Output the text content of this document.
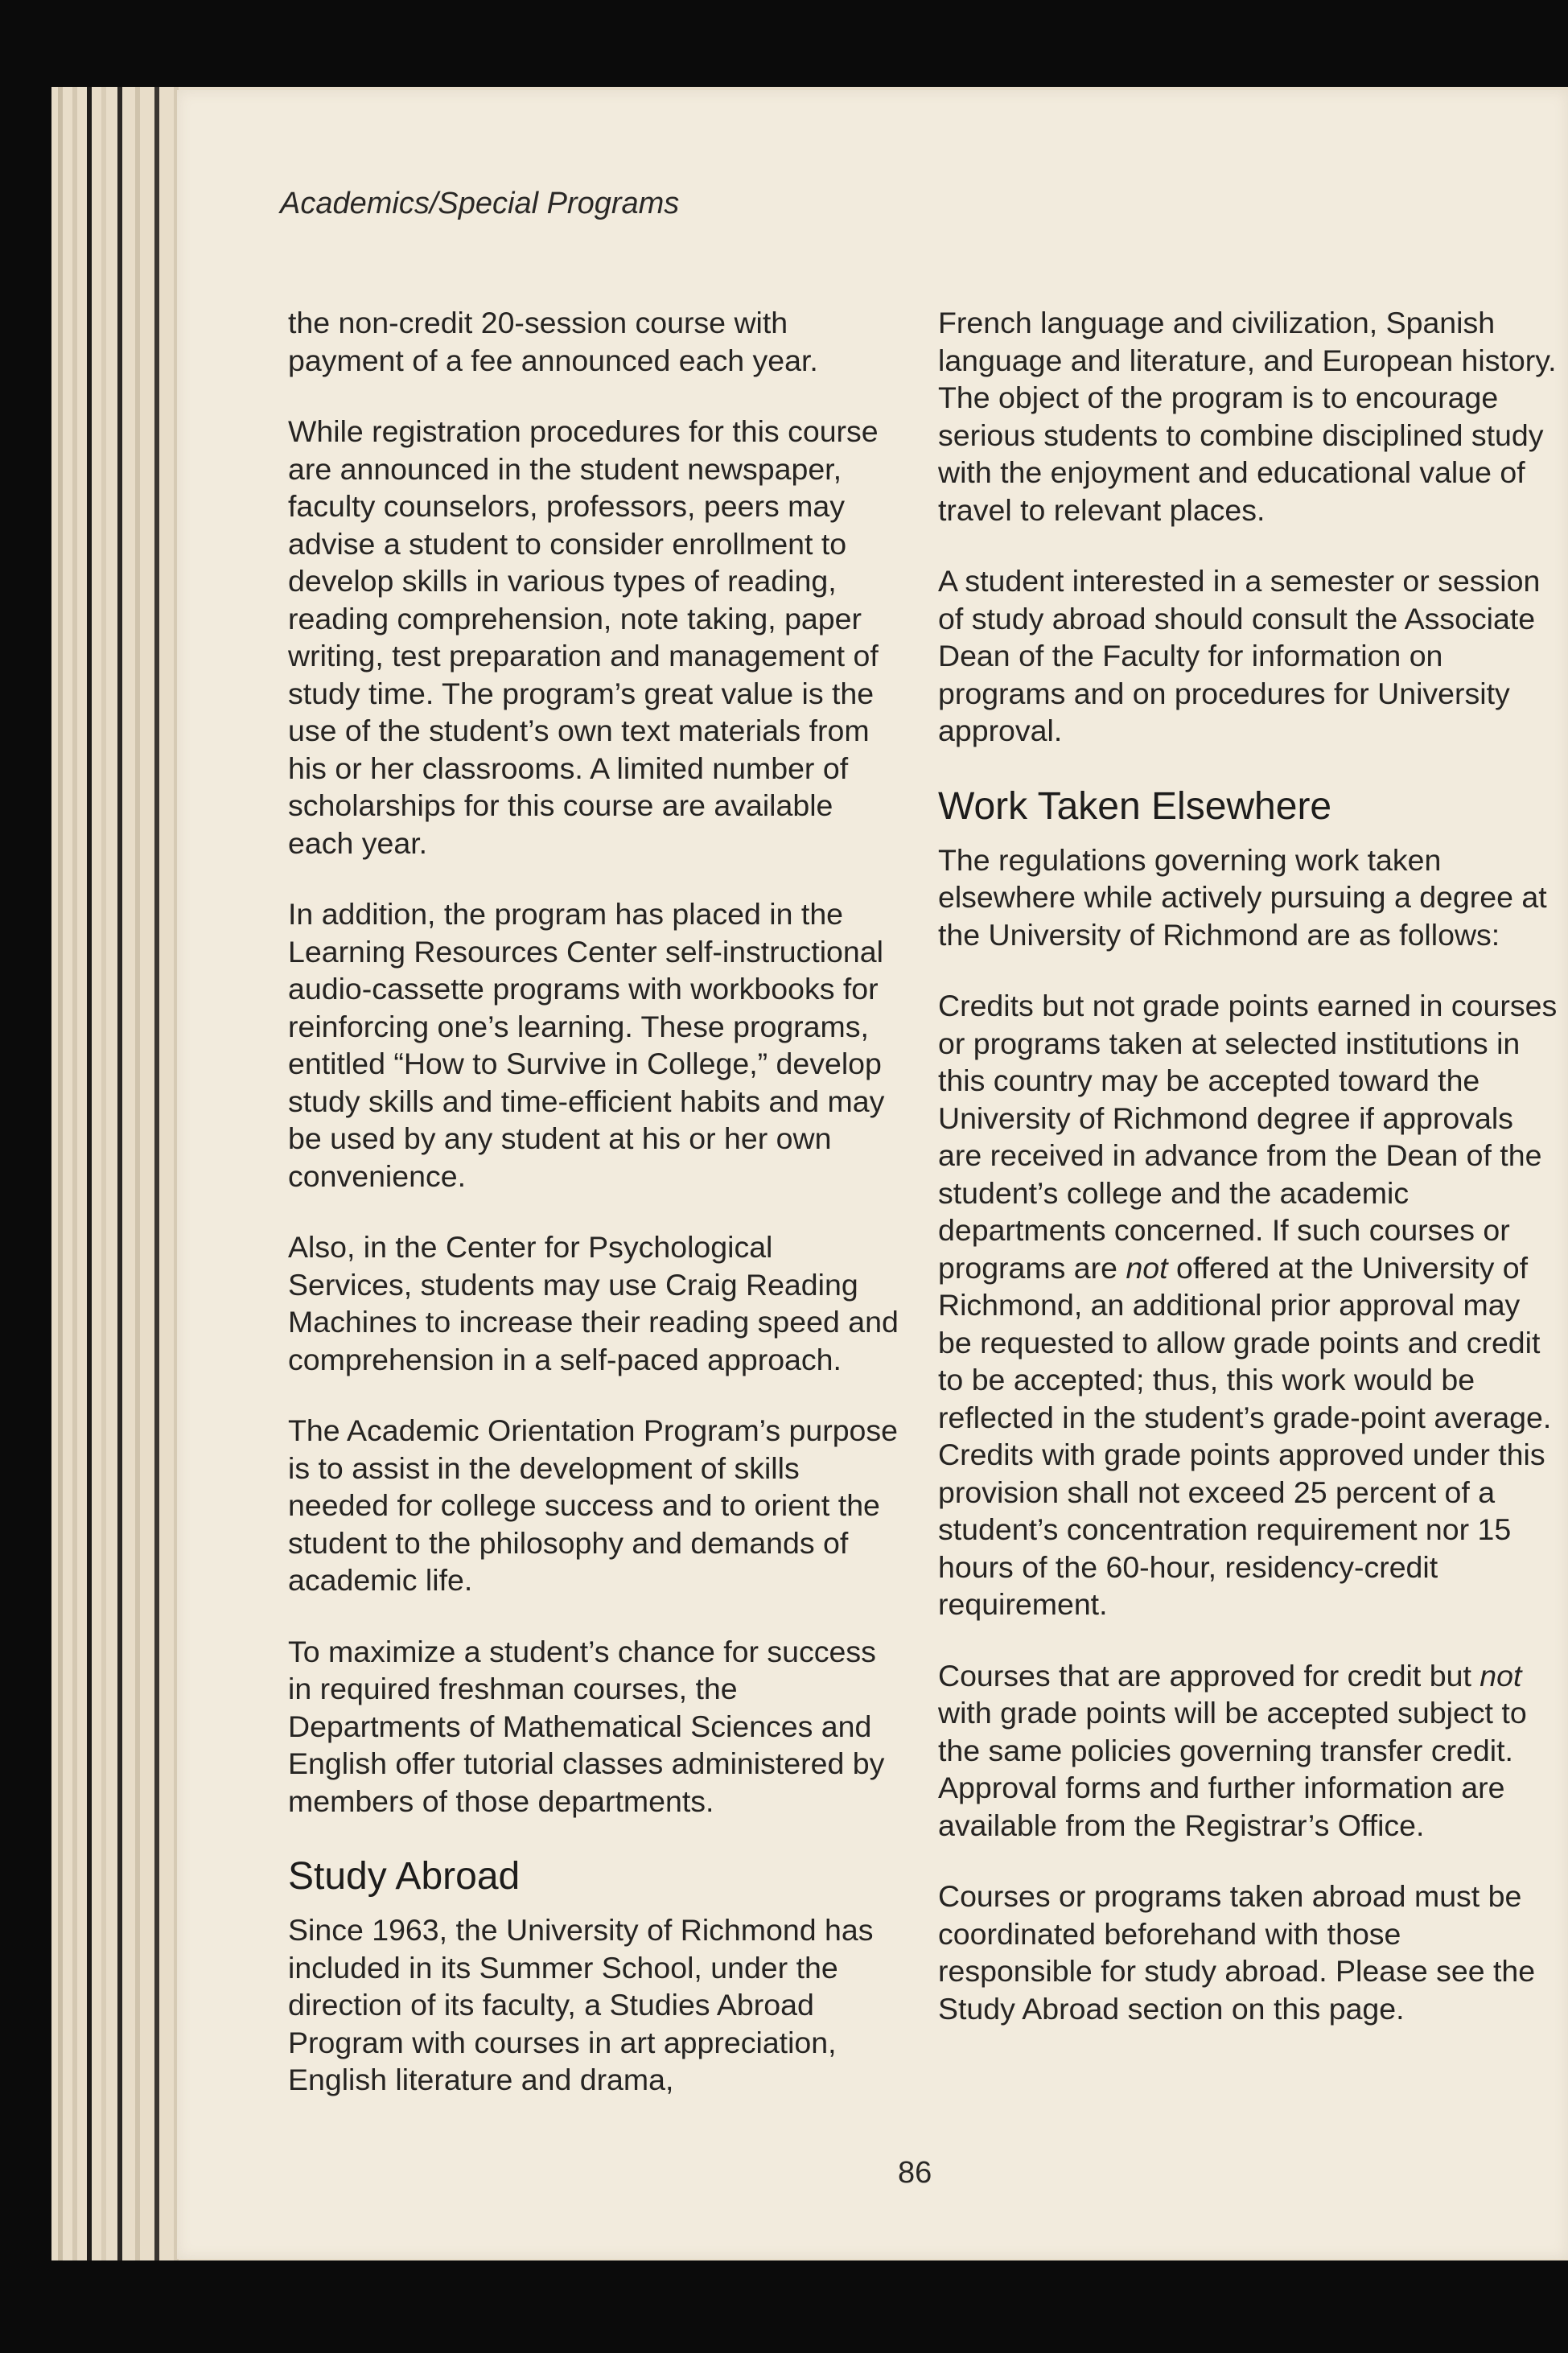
Academics/Special Programs

the non-credit 20-session course with payment of a fee announced each year.

While registration procedures for this course are announced in the student newspaper, faculty counselors, professors, peers may advise a student to consider enrollment to develop skills in various types of reading, reading comprehension, note taking, paper writing, test preparation and management of study time. The program’s great value is the use of the student’s own text materials from his or her classrooms. A limited number of scholarships for this course are available each year.

In addition, the program has placed in the Learning Resources Center self-instructional audio-cassette programs with workbooks for reinforcing one’s learning. These programs, entitled “How to Survive in College,” develop study skills and time-efficient habits and may be used by any student at his or her own convenience.

Also, in the Center for Psychological Services, students may use Craig Reading Machines to increase their reading speed and comprehension in a self-paced approach.

The Academic Orientation Program’s purpose is to assist in the development of skills needed for college success and to orient the student to the philosophy and demands of academic life.

To maximize a student’s chance for success in required freshman courses, the Departments of Mathematical Sciences and English offer tutorial classes administered by members of those departments.

Study Abroad

Since 1963, the University of Richmond has included in its Summer School, under the direction of its faculty, a Studies Abroad Program with courses in art appreciation, English literature and drama,

French language and civilization, Spanish language and literature, and European history. The object of the program is to encourage serious students to combine disciplined study with the enjoyment and educational value of travel to relevant places.

A student interested in a semester or session of study abroad should consult the Associate Dean of the Faculty for information on programs and on procedures for University approval.

Work Taken Elsewhere

The regulations governing work taken elsewhere while actively pursuing a degree at the University of Richmond are as follows:

Credits but not grade points earned in courses or programs taken at selected institutions in this country may be accepted toward the University of Richmond degree if approvals are received in advance from the Dean of the student’s college and the academic departments concerned. If such courses or programs are not offered at the University of Richmond, an additional prior approval may be requested to allow grade points and credit to be accepted; thus, this work would be reflected in the student’s grade-point average. Credits with grade points approved under this provision shall not exceed 25 percent of a student’s concentration requirement nor 15 hours of the 60-hour, residency-credit requirement.

Courses that are approved for credit but not with grade points will be accepted subject to the same policies governing transfer credit. Approval forms and further information are available from the Registrar’s Office.

Courses or programs taken abroad must be coordinated beforehand with those responsible for study abroad. Please see the Study Abroad section on this page.

86
